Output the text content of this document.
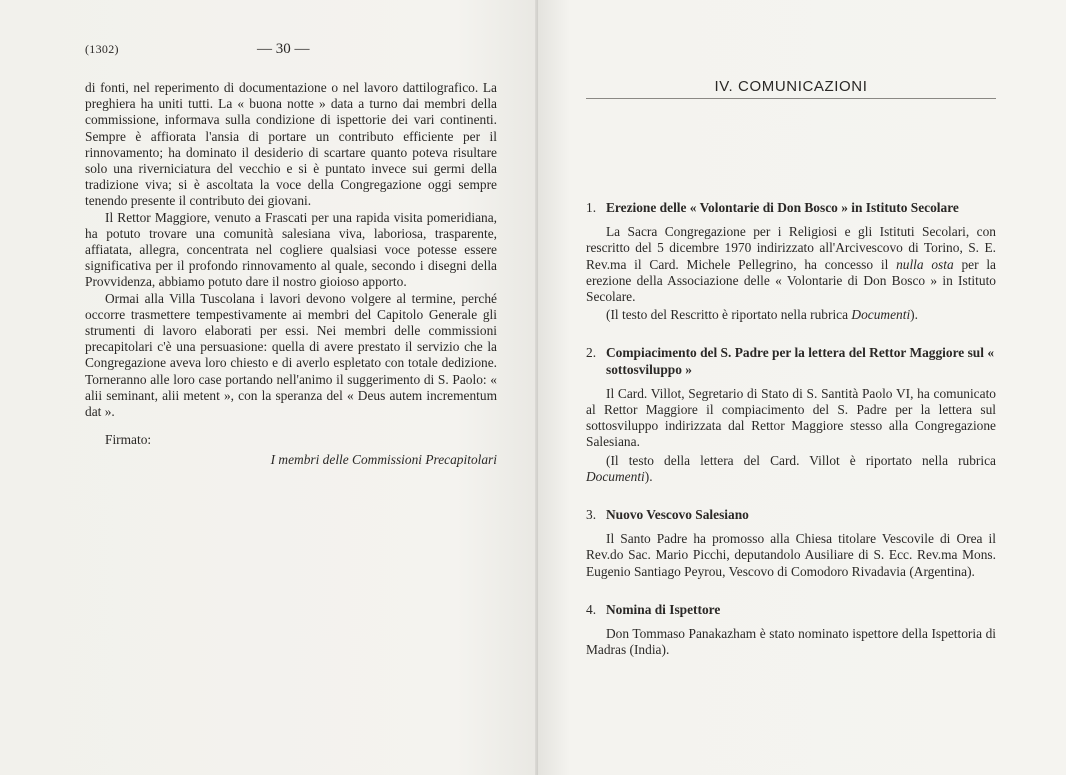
(1302)	— 30 —

di fonti, nel reperimento di documentazione o nel lavoro dattilografico. La preghiera ha uniti tutti. La « buona notte » data a turno dai membri della commissione, informava sulla condizione di ispettorie dei vari continenti. Sempre è affiorata l'ansia di portare un contributo efficiente per il rinnovamento; ha dominato il desiderio di scartare quanto poteva risultare solo una riverniciatura del vecchio e si è puntato invece sui germi della tradizione viva; si è ascoltata la voce della Congregazione oggi sempre tenendo presente il contributo dei giovani.

Il Rettor Maggiore, venuto a Frascati per una rapida visita pomeridiana, ha potuto trovare una comunità salesiana viva, laboriosa, trasparente, affiatata, allegra, concentrata nel cogliere qualsiasi voce potesse essere significativa per il profondo rinnovamento al quale, secondo i disegni della Provvidenza, abbiamo potuto dare il nostro gioioso apporto.

Ormai alla Villa Tuscolana i lavori devono volgere al termine, perché occorre trasmettere tempestivamente ai membri del Capitolo Generale gli strumenti di lavoro elaborati per essi. Nei membri delle commissioni precapitolari c'è una persuasione: quella di avere prestato il servizio che la Congregazione aveva loro chiesto e di averlo espletato con totale dedizione. Torneranno alle loro case portando nell'animo il suggerimento di S. Paolo: « alii seminant, alii metent », con la speranza del « Deus autem incrementum dat ».

Firmato:

I membri delle Commissioni Precapitolari

IV. COMUNICAZIONI
1. Erezione delle « Volontarie di Don Bosco » in Istituto Secolare

La Sacra Congregazione per i Religiosi e gli Istituti Secolari, con rescritto del 5 dicembre 1970 indirizzato all'Arcivescovo di Torino, S. E. Rev.ma il Card. Michele Pellegrino, ha concesso il nulla osta per la erezione della Associazione delle « Volontarie di Don Bosco » in Istituto Secolare.

(Il testo del Rescritto è riportato nella rubrica Documenti).

2. Compiacimento del S. Padre per la lettera del Rettor Maggiore sul « sottosviluppo »

Il Card. Villot, Segretario di Stato di S. Santità Paolo VI, ha comunicato al Rettor Maggiore il compiacimento del S. Padre per la lettera sul sottosviluppo indirizzata dal Rettor Maggiore stesso alla Congregazione Salesiana.

(Il testo della lettera del Card. Villot è riportato nella rubrica Documenti).

3. Nuovo Vescovo Salesiano

Il Santo Padre ha promosso alla Chiesa titolare Vescovile di Orea il Rev.do Sac. Mario Picchi, deputandolo Ausiliare di S. Ecc. Rev.ma Mons. Eugenio Santiago Peyrou, Vescovo di Comodoro Rivadavia (Argentina).

4. Nomina di Ispettore

Don Tommaso Panakazham è stato nominato ispettore della Ispettoria di Madras (India).
